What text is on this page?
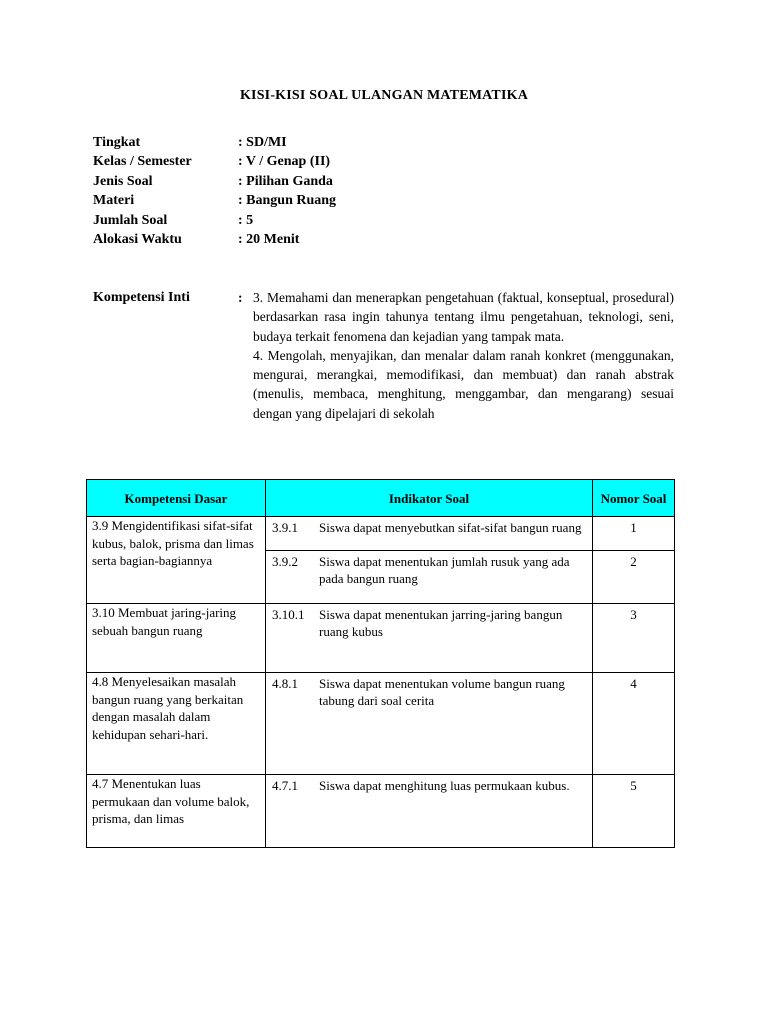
KISI-KISI SOAL ULANGAN MATEMATIKA
Tingkat	: SD/MI
Kelas / Semester	: V / Genap (II)
Jenis Soal	: Pilihan Ganda
Materi	: Bangun Ruang
Jumlah Soal	: 5
Alokasi Waktu	: 20 Menit
Kompetensi Inti	: 3. Memahami dan menerapkan pengetahuan (faktual, konseptual, prosedural) berdasarkan rasa ingin tahunya tentang ilmu pengetahuan, teknologi, seni, budaya terkait fenomena dan kejadian yang tampak mata.

4. Mengolah, menyajikan, dan menalar dalam ranah konkret (menggunakan, mengurai, merangkai, memodifikasi, dan membuat) dan ranah abstrak (menulis, membaca, menghitung, menggambar, dan mengarang) sesuai dengan yang dipelajari di sekolah

Kompetensi Dasar	Indikator Soal	Nomor Soal
3.9 Mengidentifikasi sifat-sifat kubus, balok, prisma dan limas serta bagian-bagiannya	3.9.1 Siswa dapat menyebutkan sifat-sifat bangun ruang	1

	3.9.2 Siswa dapat menentukan jumlah rusuk yang ada pada bangun ruang	2
3.10 Membuat jaring-jaring sebuah bangun ruang	3.10.1 Siswa dapat menentukan jarring-jaring bangun ruang kubus	3
4.8 Menyelesaikan masalah bangun ruang yang berkaitan dengan masalah dalam kehidupan sehari-hari.	4.8.1 Siswa dapat menentukan volume bangun ruang tabung dari soal cerita	4
4.7 Menentukan luas permukaan dan volume balok, prisma, dan limas	4.7.1 Siswa dapat menghitung luas permukaan kubus.	5
